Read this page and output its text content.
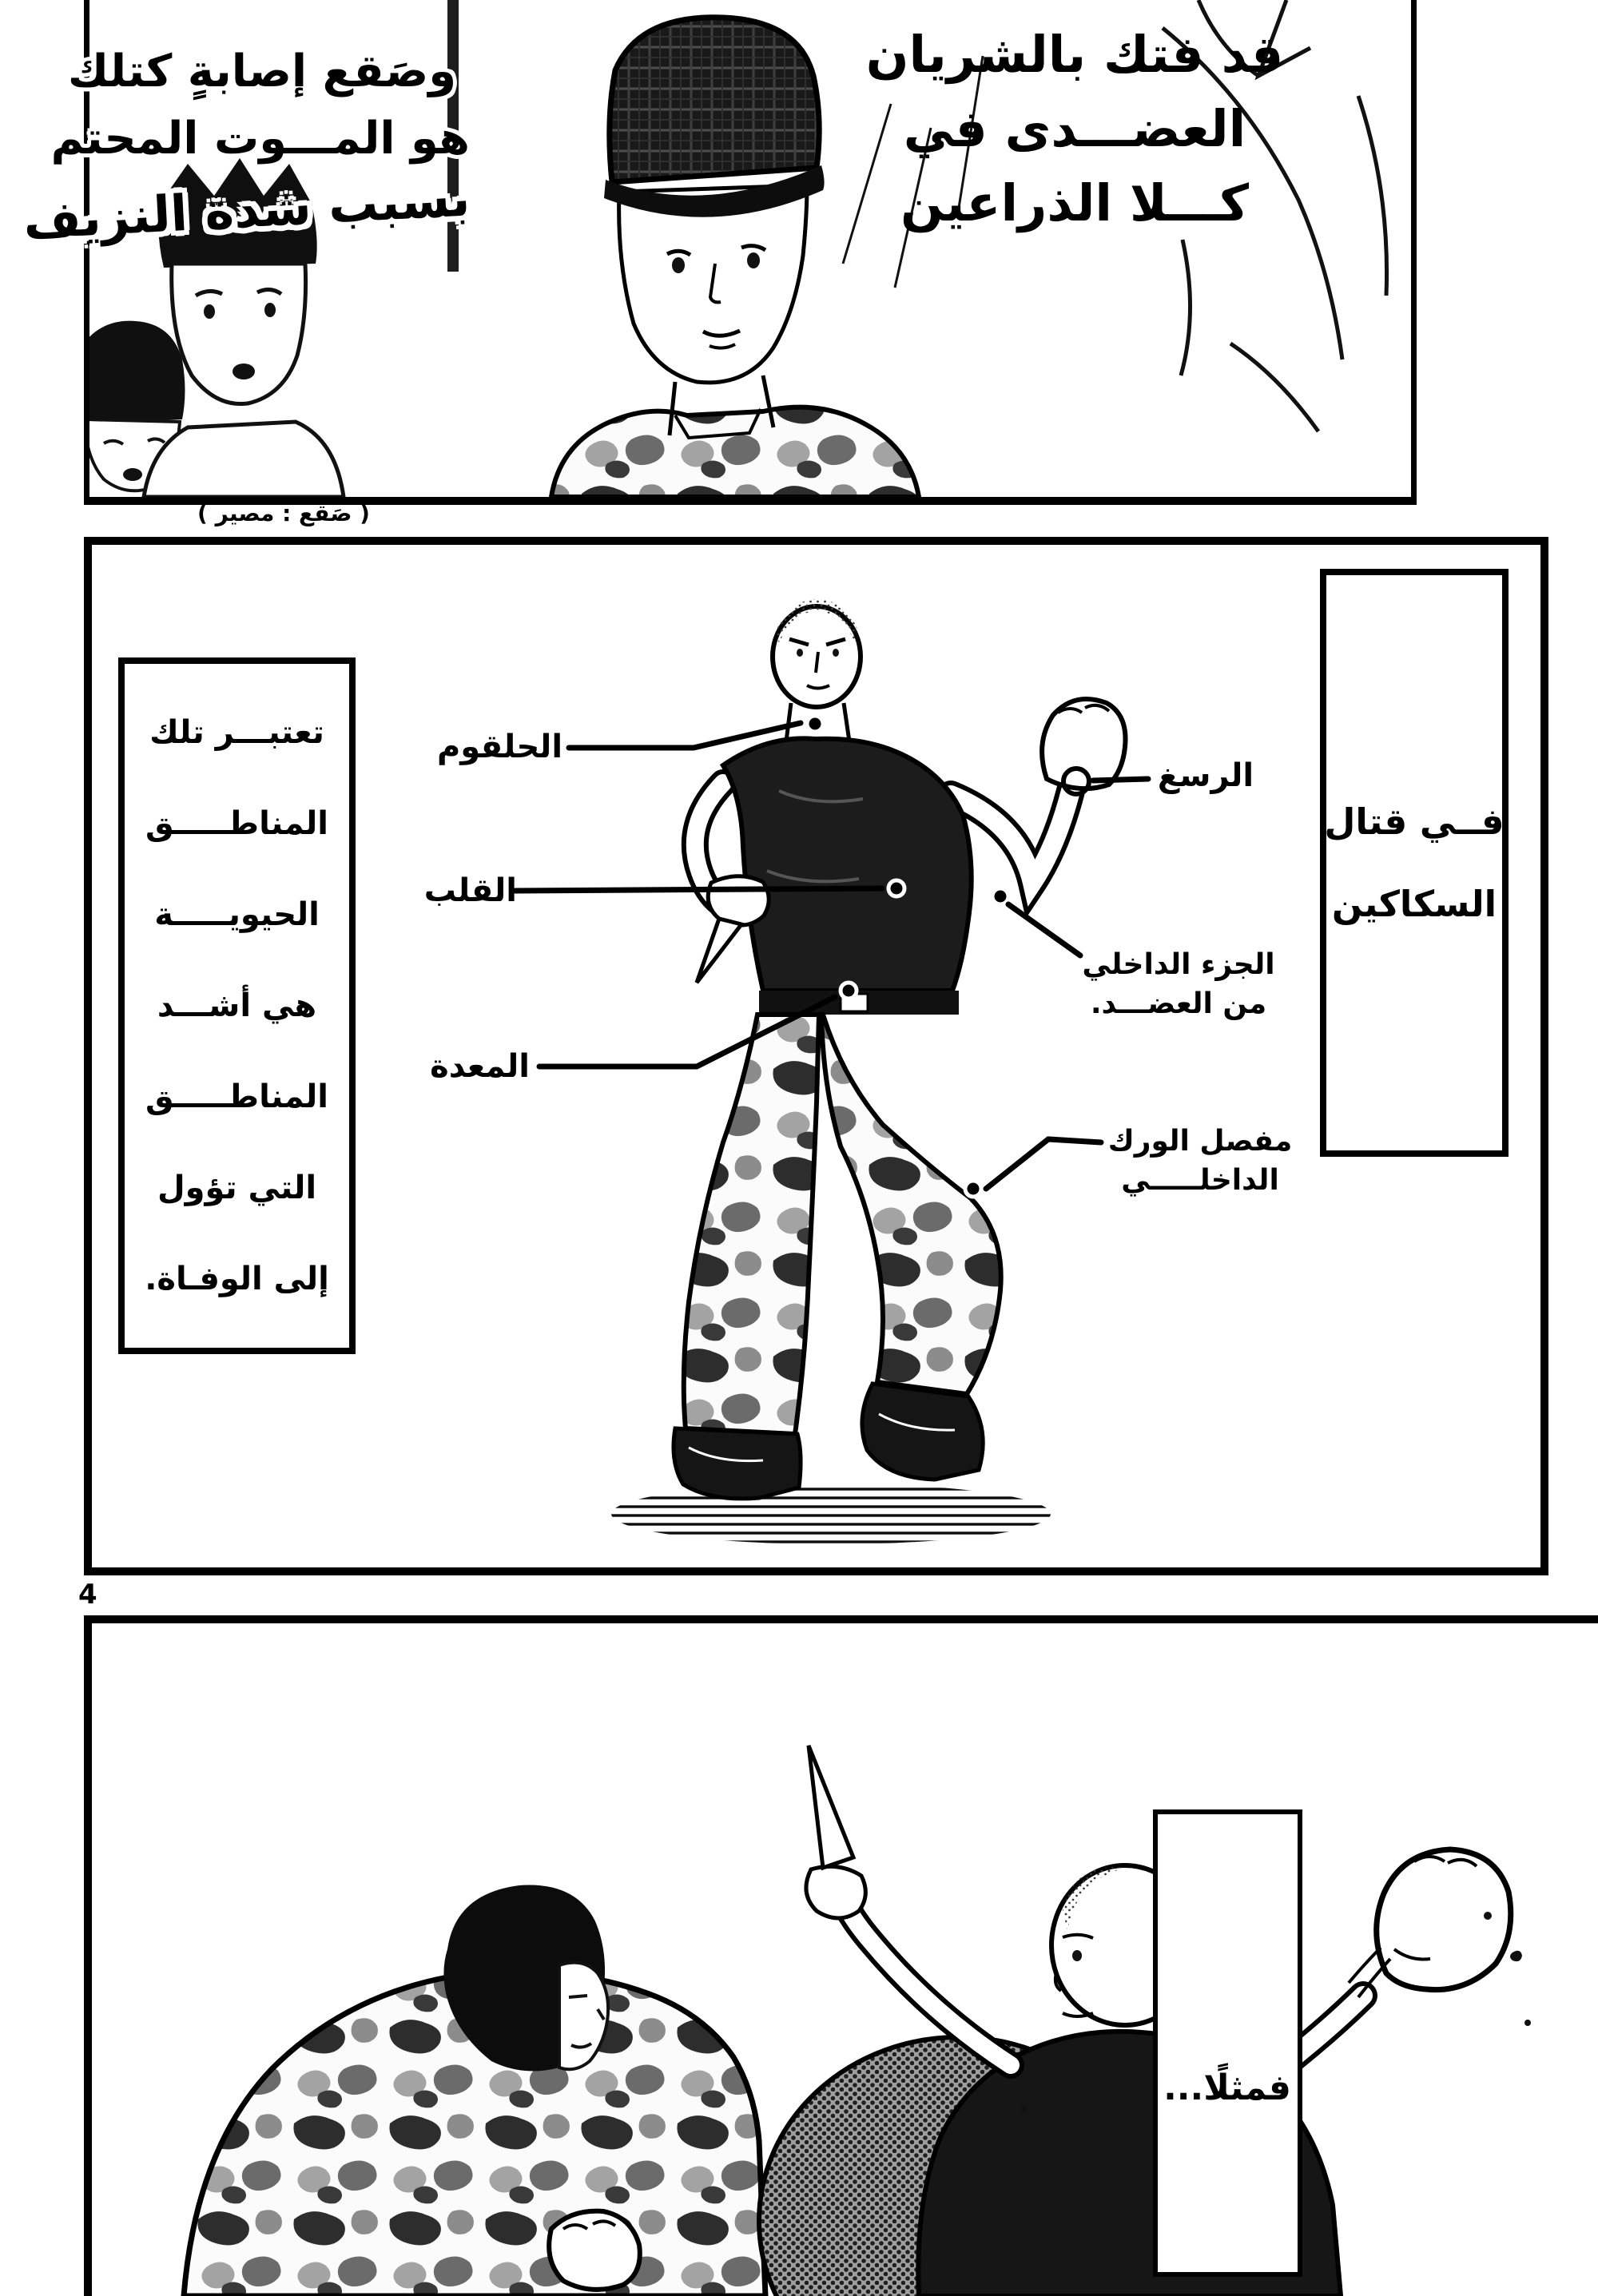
قد فتك بالشريان
العضـــدى في
كـــلا الذراعين
وصَقع إصابةٍ كتلك
هو المـــوت المحتم
بسبب شدة النزيف
( صَقع : مصير )
فــي قتال
السكاكين
تعتبـــر تلك
المناطـــــق
الحيويـــــة
هي أشـــد
المناطـــــق
التي تؤول
إلى الوفـاة.
الحلقوم
القلب
المعدة
الرسغ
الجزء الداخلي
من العضـــد.
مفصل الورك
الداخلـــــي
4
فمثلًا...
